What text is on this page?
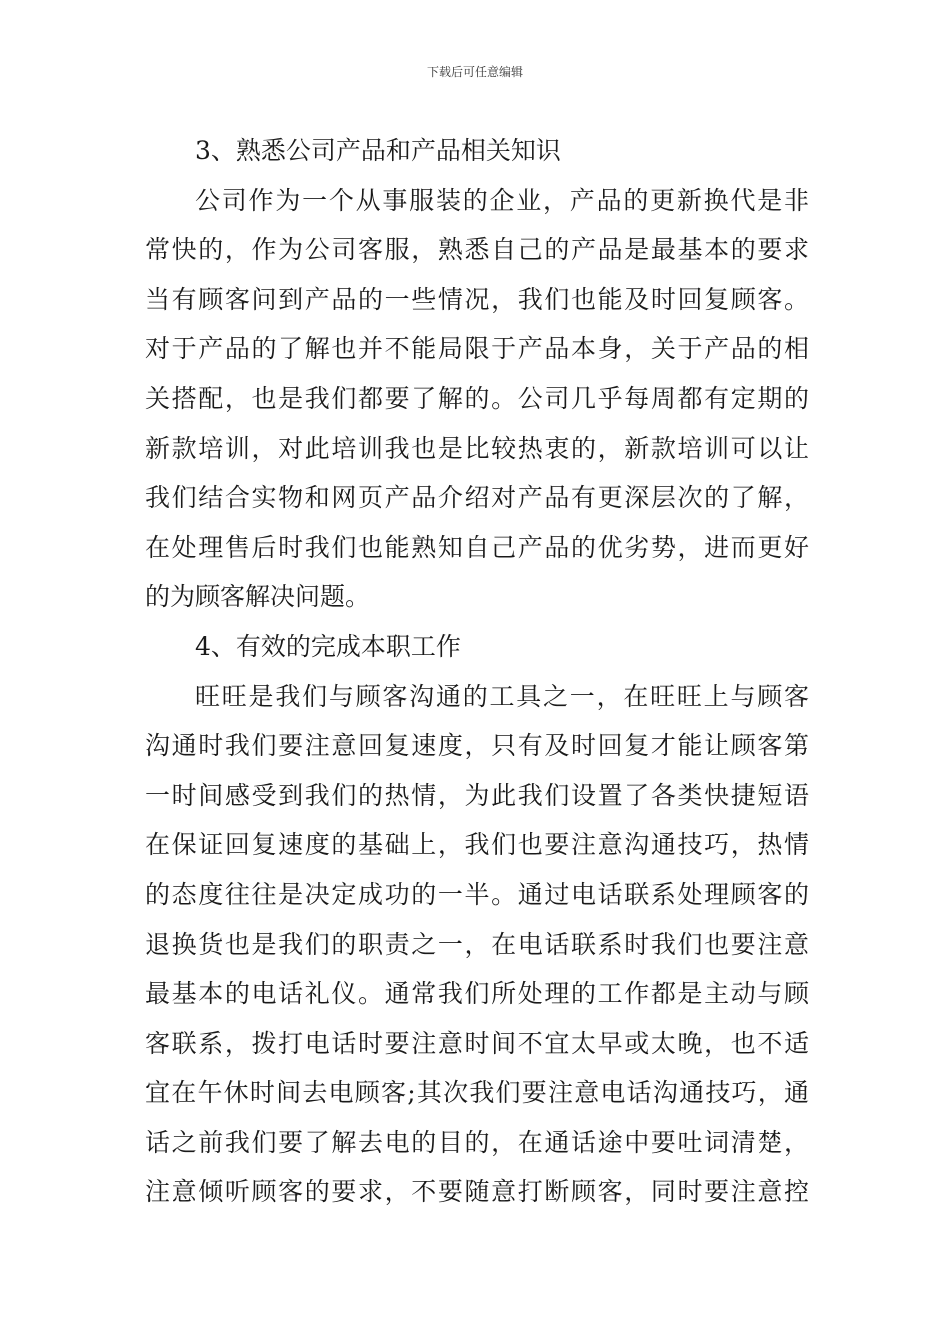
下载后可任意编辑
3、熟悉公司产品和产品相关知识
公司作为一个从事服装的企业，产品的更新换代是非
常快的，作为公司客服，熟悉自己的产品是最基本的要求
当有顾客问到产品的一些情况，我们也能及时回复顾客。
对于产品的了解也并不能局限于产品本身，关于产品的相
关搭配，也是我们都要了解的。公司几乎每周都有定期的
新款培训，对此培训我也是比较热衷的，新款培训可以让
我们结合实物和网页产品介绍对产品有更深层次的了解，
在处理售后时我们也能熟知自己产品的优劣势，进而更好
的为顾客解决问题。
4、有效的完成本职工作
旺旺是我们与顾客沟通的工具之一，在旺旺上与顾客
沟通时我们要注意回复速度，只有及时回复才能让顾客第
一时间感受到我们的热情，为此我们设置了各类快捷短语
在保证回复速度的基础上，我们也要注意沟通技巧，热情
的态度往往是决定成功的一半。通过电话联系处理顾客的
退换货也是我们的职责之一，在电话联系时我们也要注意
最基本的电话礼仪。通常我们所处理的工作都是主动与顾
客联系，拨打电话时要注意时间不宜太早或太晚，也不适
宜在午休时间去电顾客;其次我们要注意电话沟通技巧，通
话之前我们要了解去电的目的，在通话途中要吐词清楚，
注意倾听顾客的要求，不要随意打断顾客，同时要注意控
